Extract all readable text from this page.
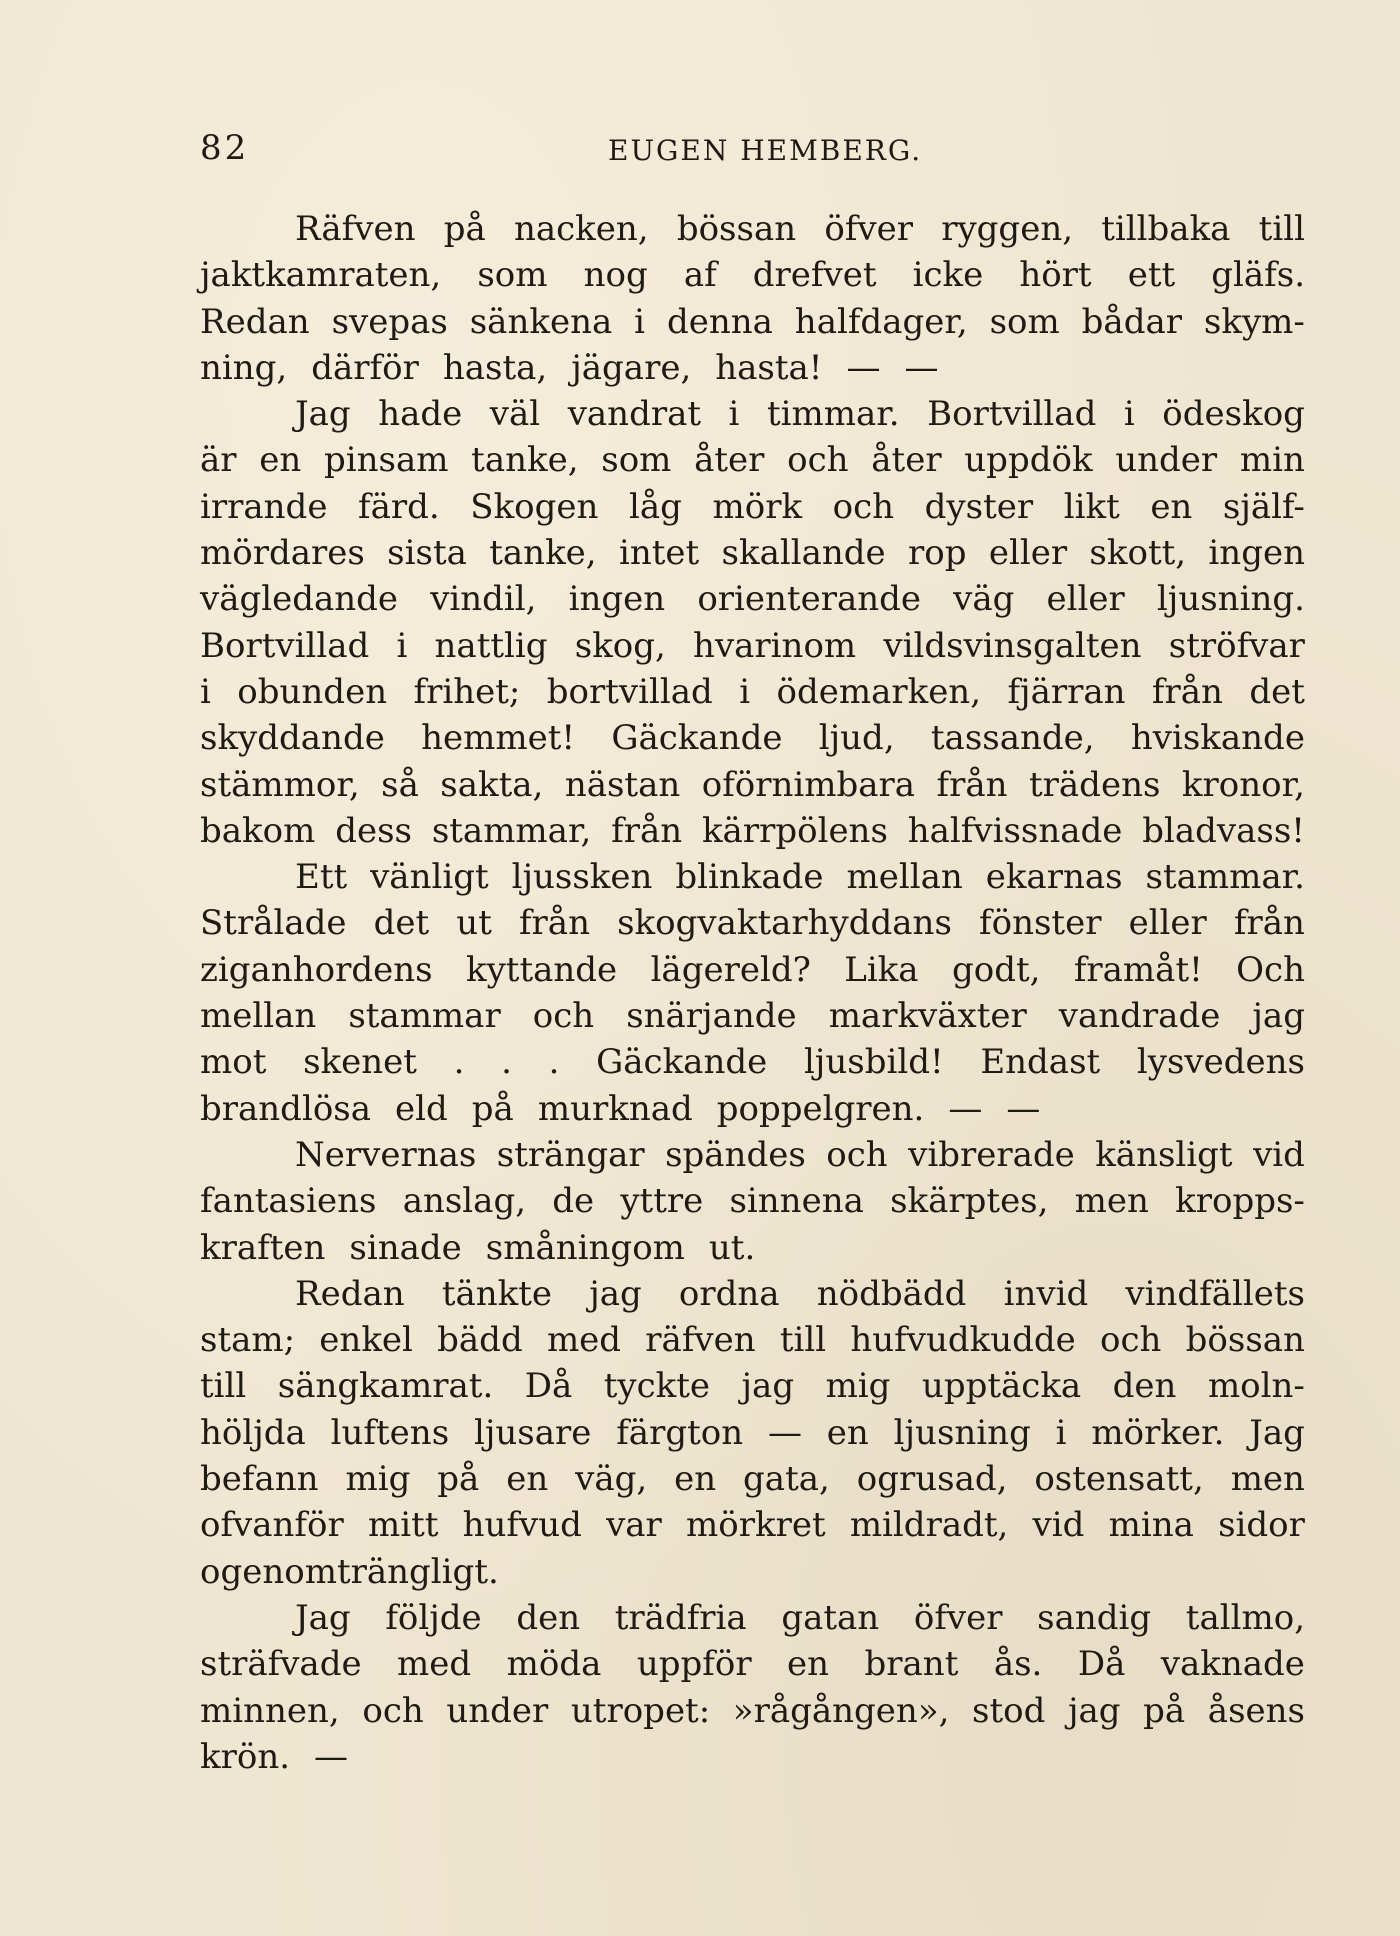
82	EUGEN HEMBERG.
Räfven på nacken, bössan öfver ryggen, tillbaka till
jaktkamraten, som nog af drefvet icke hört ett gläfs.
Redan svepas sänkena i denna halfdager, som bådar skym-
ning, därför hasta, jägare, hasta! — —
Jag hade väl vandrat i timmar. Bortvillad i ödeskog
är en pinsam tanke, som åter och åter uppdök under min
irrande färd. Skogen låg mörk och dyster likt en själf-
mördares sista tanke, intet skallande rop eller skott, ingen
vägledande vindil, ingen orienterande väg eller ljusning.
Bortvillad i nattlig skog, hvarinom vildsvinsgalten ströfvar
i obunden frihet; bortvillad i ödemarken, fjärran från det
skyddande hemmet! Gäckande ljud, tassande, hviskande
stämmor, så sakta, nästan oförnimbara från trädens kronor,
bakom dess stammar, från kärrpölens halfvissnade bladvass!
Ett vänligt ljussken blinkade mellan ekarnas stammar.
Strålade det ut från skogvaktarhyddans fönster eller från
ziganhordens kyttande lägereld? Lika godt, framåt! Och
mellan stammar och snärjande markväxter vandrade jag
mot skenet . . . Gäckande ljusbild! Endast lysvedens
brandlösa eld på murknad poppelgren. — —
Nervernas strängar spändes och vibrerade känsligt vid
fantasiens anslag, de yttre sinnena skärptes, men kropps-
kraften sinade småningom ut.
Redan tänkte jag ordna nödbädd invid vindfällets
stam; enkel bädd med räfven till hufvudkudde och bössan
till sängkamrat. Då tyckte jag mig upptäcka den moln-
höljda luftens ljusare färgton — en ljusning i mörker. Jag
befann mig på en väg, en gata, ogrusad, ostensatt, men
ofvanför mitt hufvud var mörkret mildradt, vid mina sidor
ogenomträngligt.
Jag följde den trädfria gatan öfver sandig tallmo,
sträfvade med möda uppför en brant ås. Då vaknade
minnen, och under utropet: »rågången», stod jag på åsens
krön. —
